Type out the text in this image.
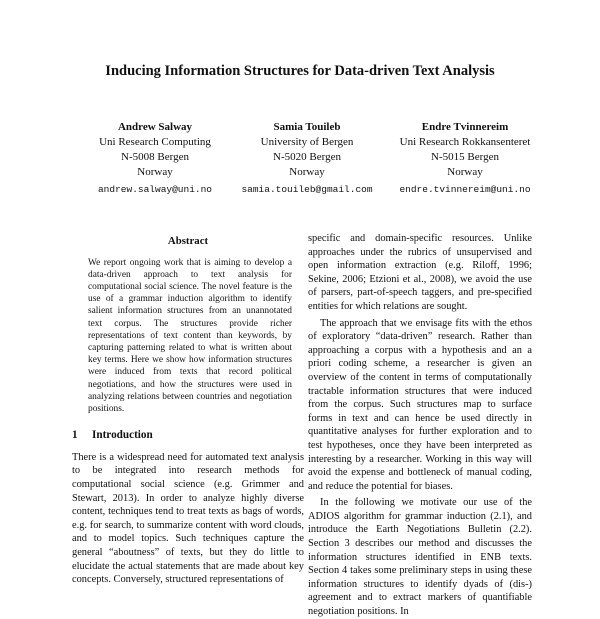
Inducing Information Structures for Data-driven Text Analysis
Andrew Salway
Uni Research Computing
N-5008 Bergen
Norway
andrew.salway@uni.no
Samia Touileb
University of Bergen
N-5020 Bergen
Norway
samia.touileb@gmail.com
Endre Tvinnereim
Uni Research Rokkansenteret
N-5015 Bergen
Norway
endre.tvinnereim@uni.no
Abstract
We report ongoing work that is aiming to develop a data-driven approach to text analysis for computational social science. The novel feature is the use of a grammar induction algorithm to identify salient information structures from an unannotated text corpus. The structures provide richer representations of text content than keywords, by capturing patterning related to what is written about key terms. Here we show how information structures were induced from texts that record political negotiations, and how the structures were used in analyzing relations between countries and negotiation positions.
1 Introduction

There is a widespread need for automated text analysis to be integrated into research methods for computational social science (e.g. Grimmer and Stewart, 2013). In order to analyze highly diverse content, techniques tend to treat texts as bags of words, e.g. for search, to summarize content with word clouds, and to model topics. Such techniques capture the general “aboutness” of texts, but they do little to elucidate the actual statements that are made about key concepts. Conversely, structured representations of

specific and domain-specific resources. Unlike approaches under the rubrics of unsupervised and open information extraction (e.g. Riloff, 1996; Sekine, 2006; Etzioni et al., 2008), we avoid the use of parsers, part-of-speech taggers, and pre-specified entities for which relations are sought.

The approach that we envisage fits with the ethos of exploratory “data-driven” research. Rather than approaching a corpus with a hypothesis and an a priori coding scheme, a researcher is given an overview of the content in terms of computationally tractable information structures that were induced from the corpus. Such structures map to surface forms in text and can hence be used directly in quantitative analyses for further exploration and to test hypotheses, once they have been interpreted as interesting by a researcher. Working in this way will avoid the expense and bottleneck of manual coding, and reduce the potential for biases.

In the following we motivate our use of the ADIOS algorithm for grammar induction (2.1), and introduce the Earth Negotiations Bulletin (2.2). Section 3 describes our method and discusses the information structures identified in ENB texts. Section 4 takes some preliminary steps in using these information structures to identify dyads of (dis-) agreement and to extract markers of quantifiable negotiation positions. In
